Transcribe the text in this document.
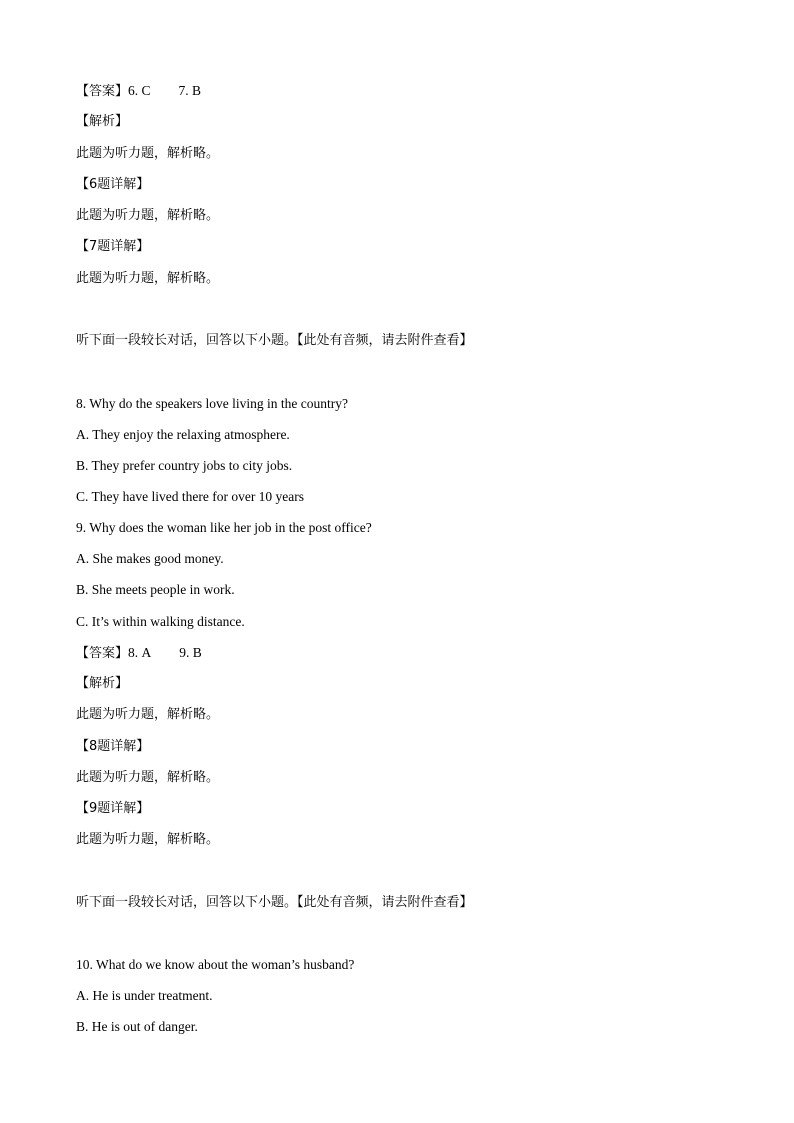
【答案】6. C 7. B
【解析】
此题为听力题，解析略。
【6题详解】
此题为听力题，解析略。
【7题详解】
此题为听力题，解析略。
听下面一段较长对话，回答以下小题。【此处有音频，请去附件查看】
8. Why do the speakers love living in the country?
A. They enjoy the relaxing atmosphere.
B. They prefer country jobs to city jobs.
C. They have lived there for over 10 years
9. Why does the woman like her job in the post office?
A. She makes good money.
B. She meets people in work.
C. It’s within walking distance.
【答案】8. A 9. B
【解析】
此题为听力题，解析略。
【8题详解】
此题为听力题，解析略。
【9题详解】
此题为听力题，解析略。
听下面一段较长对话，回答以下小题。【此处有音频，请去附件查看】
10. What do we know about the woman’s husband?
A. He is under treatment.
B. He is out of danger.
